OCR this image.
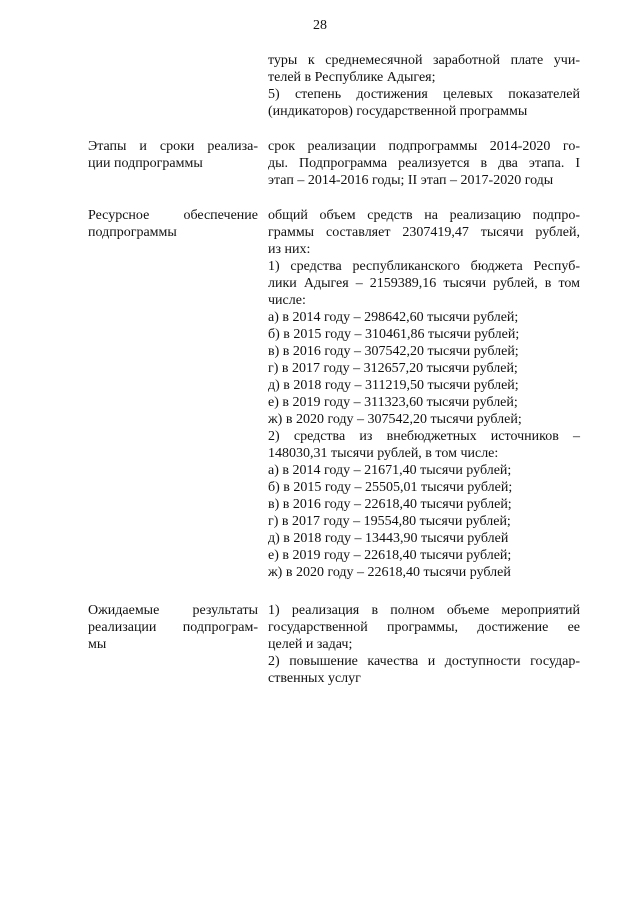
28
туры к среднемесячной заработной плате учи-
телей в Республике Адыгея;
5) степень достижения целевых показателей
(индикаторов) государственной программы
Этапы и сроки реализа-
ции подпрограммы
срок реализации подпрограммы 2014-2020 го-
ды. Подпрограмма реализуется в два этапа. I
этап – 2014-2016 годы; II этап – 2017-2020 годы
Ресурсное обеспечение
подпрограммы
общий объем средств на реализацию подпро-
граммы составляет 2307419,47 тысячи рублей,
из них:
1) средства республиканского бюджета Респуб-
лики Адыгея – 2159389,16 тысячи рублей, в том
числе:
а) в 2014 году – 298642,60 тысячи рублей;
б) в 2015 году – 310461,86 тысячи рублей;
в) в 2016 году – 307542,20 тысячи рублей;
г) в 2017 году – 312657,20 тысячи рублей;
д) в 2018 году – 311219,50 тысячи рублей;
е) в 2019 году – 311323,60 тысячи рублей;
ж) в 2020 году – 307542,20 тысячи рублей;
2) средства из внебюджетных источников –
148030,31 тысячи рублей, в том числе:
а) в 2014 году – 21671,40 тысячи рублей;
б) в 2015 году – 25505,01 тысячи рублей;
в) в 2016 году – 22618,40 тысячи рублей;
г) в 2017 году – 19554,80 тысячи рублей;
д) в 2018 году – 13443,90 тысячи рублей
е) в 2019 году – 22618,40 тысячи рублей;
ж) в 2020 году – 22618,40 тысячи рублей
Ожидаемые результаты
реализации подпрограм-
мы
1) реализация в полном объеме мероприятий
государственной программы, достижение ее
целей и задач;
2) повышение качества и доступности государ-
ственных услуг
